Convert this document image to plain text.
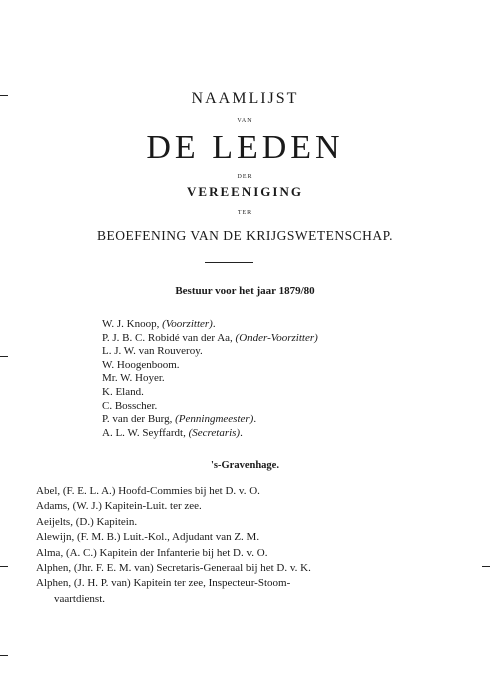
NAAMLIJST
VAN
DE LEDEN
DER
VEREENIGING
TER
BEOEFENING VAN DE KRIJGSWETENSCHAP.
Bestuur voor het jaar 1879/80
W. J. Knoop, (Voorzitter).
P. J. B. C. Robidé van der Aa, (Onder-Voorzitter)
L. J. W. van Rouveroy.
W. Hoogenboom.
Mr. W. Hoyer.
K. Eland.
C. Bosscher.
P. van der Burg, (Penningmeester).
A. L. W. Seyffardt, (Secretaris).
's-Gravenhage.
Abel, (F. E. L. A.) Hoofd-Commies bij het D. v. O.
Adams, (W. J.) Kapitein-Luit. ter zee.
Aeijelts, (D.) Kapitein.
Alewijn, (F. M. B.) Luit.-Kol., Adjudant van Z. M.
Alma, (A. C.) Kapitein der Infanterie bij het D. v. O.
Alphen, (Jhr. F. E. M. van) Secretaris-Generaal bij het D. v. K.
Alphen, (J. H. P. van) Kapitein ter zee, Inspecteur-Stoom-
vaartdienst.
